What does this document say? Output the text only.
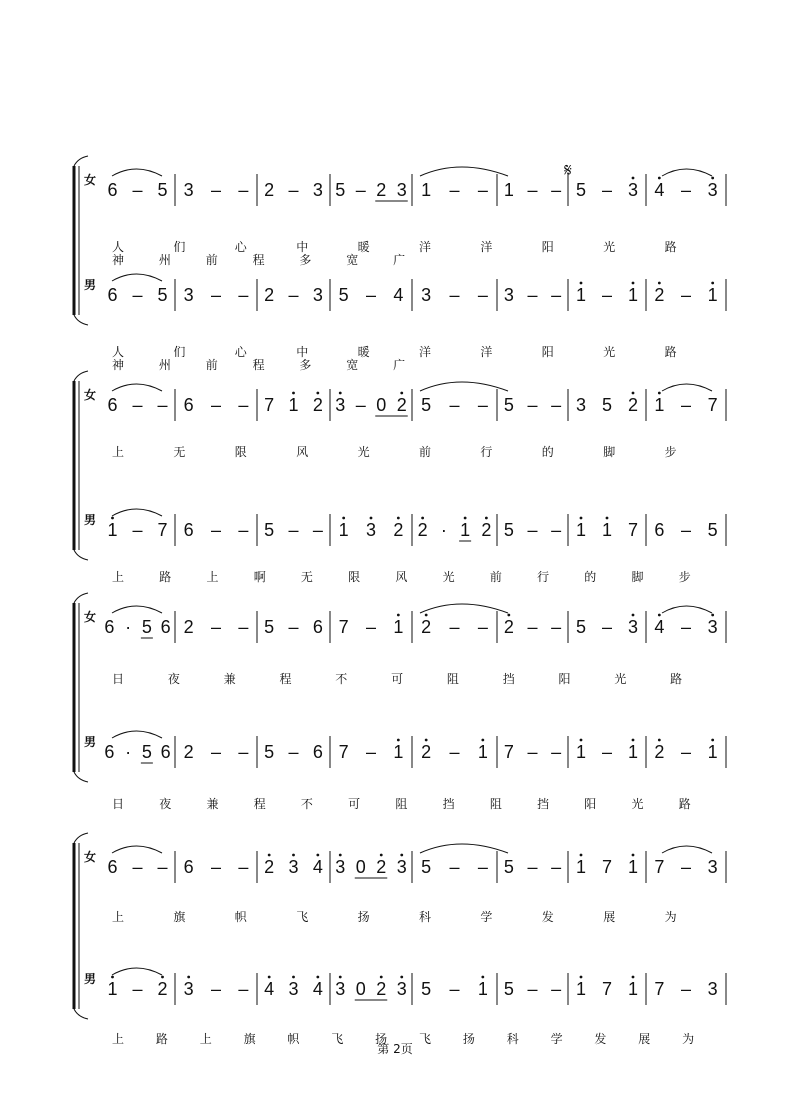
女 6 – 5 3 – – 2 – 3 5 – 2 3 1 – – 1 – – 5 – 3 4 – 3
人	们	心	中	暖	洋	洋	阳	光	路
神	州	前	程	多	宽	广
男 6 – 5 3 – – 2 – 3 5 – 4 3 – – 3 – – 1 – 1 2 – 1
人	们	心	中	暖	洋	洋	阳	光	路
神	州	前	程	多	宽	广
女 6 – – 6 – – 7 1 2 3 – 0 2 5 – – 5 – – 3 5 2 1 – 7
上	无	限	风	光	前	行	的	脚	步
男 1 – 7 6 – – 5 – – 1 3 2 2 · 1 2 5 – – 1 1 7 6 – 5
上	路	上	啊	无	限	风	光	前	行	的	脚	步
女 6 · 5 6 2 – – 5 – 6 7 – 1 2 – – 2 – – 5 – 3 4 – 3
日	夜	兼	程	不	可	阻	挡	阳	光	路
男 6 · 5 6 2 – – 5 – 6 7 – 1 2 – 1 7 – – 1 – 1 2 – 1
日	夜	兼	程	不	可	阻	挡	阻	挡	阳	光	路
女 6 – – 6 – – 2 3 4 3 0 2 3 5 – – 5 – – 1 7 1 7 – 3
上	旗	帜	飞	扬	科	学	发	展	为
男 1 – 2 3 – – 4 3 4 3 0 2 3 5 – 1 5 – – 1 7 1 7 – 3
上	路	上	旗	帜	飞	扬	飞	扬	科	学	发	展	为
𝄋
第 2页
